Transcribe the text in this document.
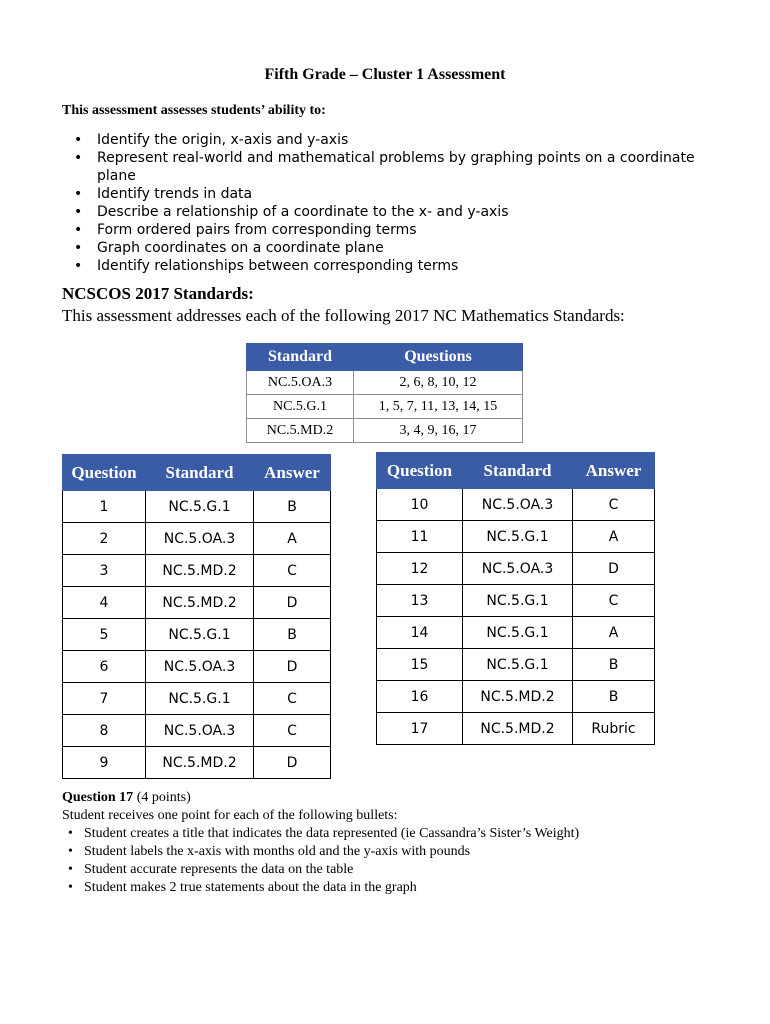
Fifth Grade – Cluster 1 Assessment
This assessment assesses students’ ability to:
• Identify the origin, x-axis and y-axis
• Represent real-world and mathematical problems by graphing points on a coordinate plane
• Identify trends in data
• Describe a relationship of a coordinate to the x- and y-axis
• Form ordered pairs from corresponding terms
• Graph coordinates on a coordinate plane
• Identify relationships between corresponding terms
NCSCOS 2017 Standards:
This assessment addresses each of the following 2017 NC Mathematics Standards:
Standard	Questions
NC.5.OA.3	2, 6, 8, 10, 12
NC.5.G.1	1, 5, 7, 11, 13, 14, 15
NC.5.MD.2	3, 4, 9, 16, 17
Question	Standard	Answer
1	NC.5.G.1	B
2	NC.5.OA.3	A
3	NC.5.MD.2	C
4	NC.5.MD.2	D
5	NC.5.G.1	B
6	NC.5.OA.3	D
7	NC.5.G.1	C
8	NC.5.OA.3	C
9	NC.5.MD.2	D
Question	Standard	Answer
10	NC.5.OA.3	C
11	NC.5.G.1	A
12	NC.5.OA.3	D
13	NC.5.G.1	C
14	NC.5.G.1	A
15	NC.5.G.1	B
16	NC.5.MD.2	B
17	NC.5.MD.2	Rubric
Question 17 (4 points)
Student receives one point for each of the following bullets:
• Student creates a title that indicates the data represented (ie Cassandra’s Sister’s Weight)
• Student labels the x-axis with months old and the y-axis with pounds
• Student accurate represents the data on the table
• Student makes 2 true statements about the data in the graph
